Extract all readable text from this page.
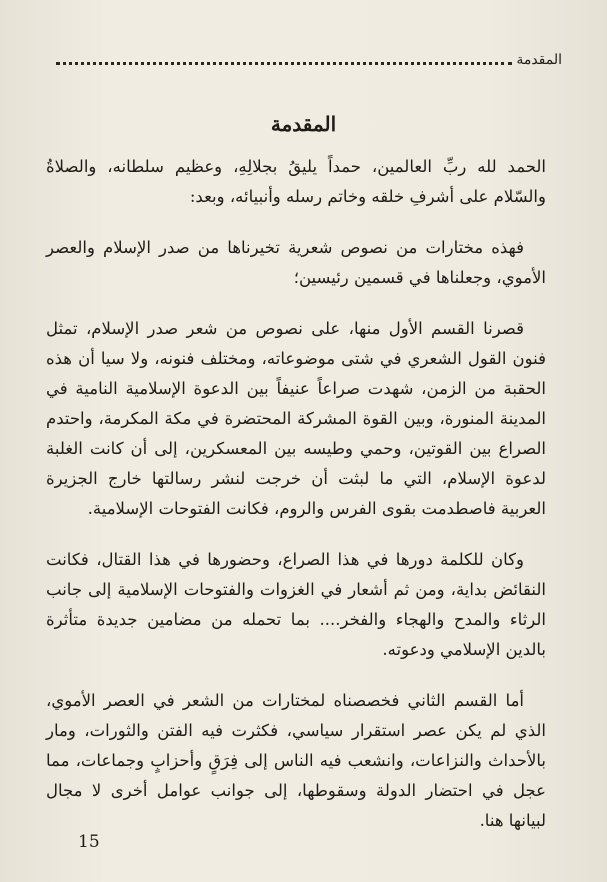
المقدمة
المقدمة

الحمد لله ربِّ العالمين، حمداً يليقُ بجلالِهِ، وعظيم سلطانه، والصلاةُ والسّلام على أشرفِ خلقه وخاتم رسله وأنبيائه، وبعد:

فهذه مختارات من نصوص شعرية تخيرناها من صدر الإسلام والعصر الأموي، وجعلناها في قسمين رئيسين؛

قصرنا القسم الأول منها، على نصوص من شعر صدر الإسلام، تمثل فنون القول الشعري في شتى موضوعاته، ومختلف فنونه، ولا سيا أن هذه الحقبة من الزمن، شهدت صراعاً عنيفاً بين الدعوة الإسلامية النامية في المدينة المنورة، وبين القوة المشركة المحتضرة في مكة المكرمة، واحتدم الصراع بين القوتين، وحمي وطيسه بين المعسكرين، إلى أن كانت الغلبة لدعوة الإسلام، التي ما لبثت أن خرجت لنشر رسالتها خارج الجزيرة العربية فاصطدمت بقوى الفرس والروم، فكانت الفتوحات الإسلامية.

وكان للكلمة دورها في هذا الصراع، وحضورها في هذا القتال، فكانت النقائض بداية، ومن ثم أشعار في الغزوات والفتوحات الإسلامية إلى جانب الرثاء والمدح والهجاء والفخر.... بما تحمله من مضامين جديدة متأثرة بالدين الإسلامي ودعوته.

أما القسم الثاني فخصصناه لمختارات من الشعر في العصر الأموي، الذي لم يكن عصر استقرار سياسي، فكثرت فيه الفتن والثورات، ومار بالأحداث والنزاعات، وانشعب فيه الناس إلى فِرَقٍ وأحزابٍ وجماعات، مما عجل في احتضار الدولة وسقوطها، إلى جوانب عوامل أخرى لا مجال لبيانها هنا.

15
